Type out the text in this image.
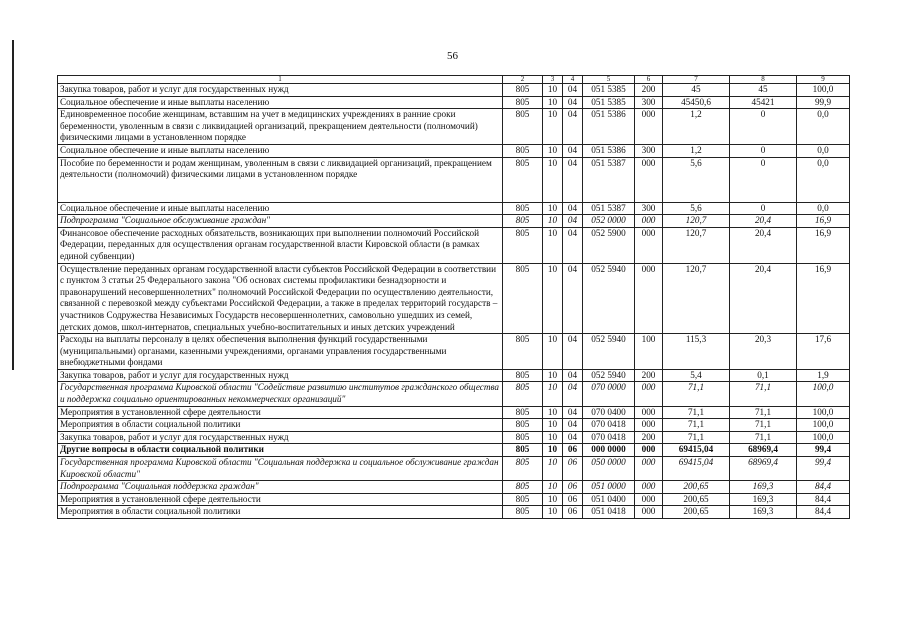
56
1	2	3	4	5	6	7	8	9
Закупка товаров, работ и услуг для государственных нужд	805	10	04	051 5385	200	45	45	100,0
Социальное обеспечение и иные выплаты населению	805	10	04	051 5385	300	45450,6	45421	99,9
Единовременное пособие женщинам, вставшим на учет в медицинских учреждениях в ранние сроки беременности, уволенным в связи с ликвидацией организаций, прекращением деятельности (полномочий) физическими лицами в установленном порядке	805	10	04	051 5386	000	1,2	0	0,0
Социальное обеспечение и иные выплаты населению	805	10	04	051 5386	300	1,2	0	0,0
Пособие по беременности и родам женщинам, уволенным в связи с ликвидацией организаций, прекращением деятельности (полномочий) физическими лицами в установленном порядке	805	10	04	051 5387	000	5,6	0	0,0
Социальное обеспечение и иные выплаты населению	805	10	04	051 5387	300	5,6	0	0,0
Подпрограмма "Социальное обслуживание граждан"	805	10	04	052 0000	000	120,7	20,4	16,9
Финансовое обеспечение расходных обязательств, возникающих при выполнении полномочий Российской Федерации, переданных для осуществления органам государственной власти Кировской области (в рамках единой субвенции)	805	10	04	052 5900	000	120,7	20,4	16,9
Осуществление переданных органам государственной власти субъектов Российской Федерации в соответствии с пунктом 3 статьи 25 Федерального закона "Об основах системы профилактики безнадзорности и правонарушений несовершеннолетних" полномочий Российской Федерации по осуществлению деятельности, связанной с перевозкой между субъектами Российской Федерации, а также в пределах территорий государств – участников Содружества Независимых Государств несовершеннолетних, самовольно ушедших из семей, детских домов, школ-интернатов, специальных учебно-воспитательных и иных детских учреждений	805	10	04	052 5940	000	120,7	20,4	16,9
Расходы на выплаты персоналу в целях обеспечения выполнения функций государственными (муниципальными) органами, казенными учреждениями, органами управления государственными внебюджетными фондами	805	10	04	052 5940	100	115,3	20,3	17,6
Закупка товаров, работ и услуг для государственных нужд	805	10	04	052 5940	200	5,4	0,1	1,9
Государственная программа Кировской области "Содействие развитию институтов гражданского общества и поддержка социально ориентированных некоммерческих организаций"	805	10	04	070 0000	000	71,1	71,1	100,0
Мероприятия в установленной сфере деятельности	805	10	04	070 0400	000	71,1	71,1	100,0
Мероприятия в области социальной политики	805	10	04	070 0418	000	71,1	71,1	100,0
Закупка товаров, работ и услуг для государственных нужд	805	10	04	070 0418	200	71,1	71,1	100,0
Другие вопросы в области социальной политики	805	10	06	000 0000	000	69415,04	68969,4	99,4
Государственная программа Кировской области "Социальная поддержка и социальное обслуживание граждан Кировской области"	805	10	06	050 0000	000	69415,04	68969,4	99,4
Подпрограмма "Социальная поддержка граждан"	805	10	06	051 0000	000	200,65	169,3	84,4
Мероприятия в установленной сфере деятельности	805	10	06	051 0400	000	200,65	169,3	84,4
Мероприятия в области социальной политики	805	10	06	051 0418	000	200,65	169,3	84,4
